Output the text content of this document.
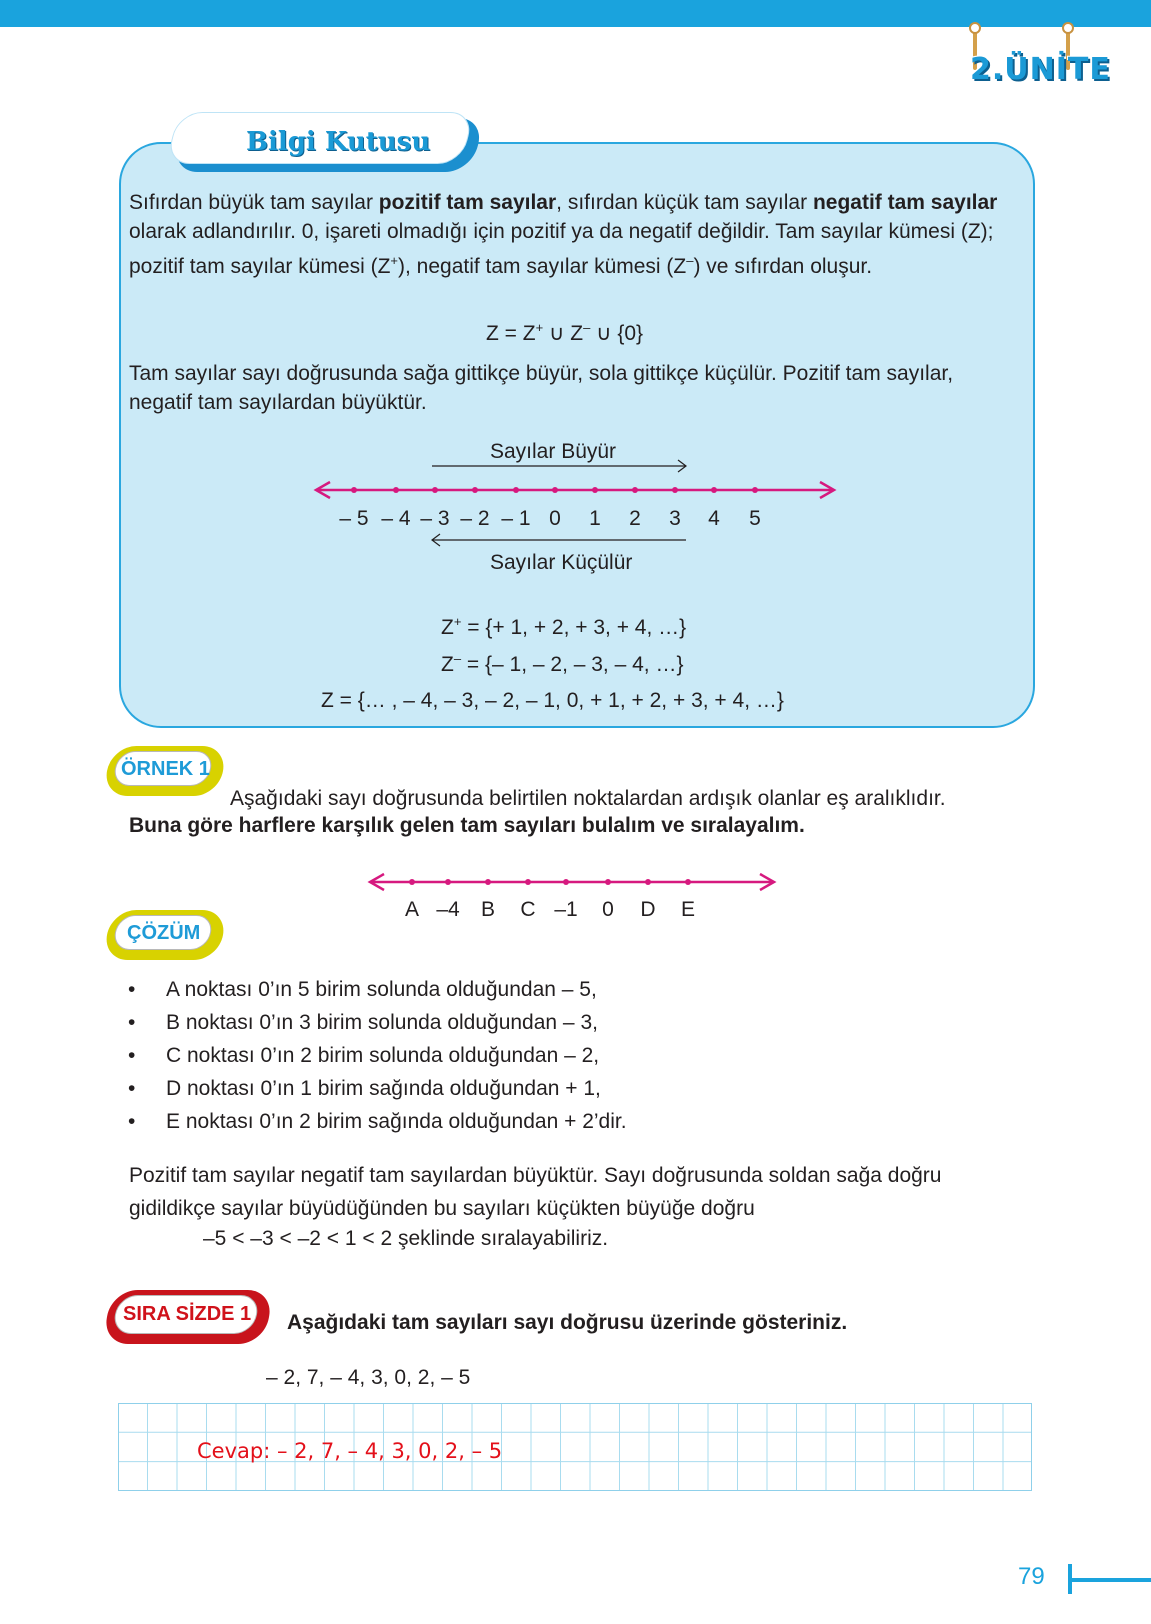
2.ÜNİTE
Bilgi Kutusu
Sıfırdan büyük tam sayılar pozitif tam sayılar, sıfırdan küçük tam sayılar negatif tam sayılar olarak adlandırılır. 0, işareti olmadığı için pozitif ya da negatif değildir. Tam sayılar kümesi (Z); pozitif tam sayılar kümesi (Z+), negatif tam sayılar kümesi (Z–) ve sıfırdan oluşur.
Z = Z+ ∪ Z– ∪ {0}
Tam sayılar sayı doğrusunda sağa gittikçe büyür, sola gittikçe küçülür. Pozitif tam sayılar, negatif tam sayılardan büyüktür.
Sayılar Büyür
– 5 – 4 – 3 – 2 – 1 0 1 2 3 4 5
Sayılar Küçülür
Z+ = {+ 1, + 2, + 3, + 4, …}
Z– = {– 1, – 2, – 3, – 4, …}
Z = {… , – 4, – 3, – 2, – 1, 0, + 1, + 2, + 3, + 4, …}
ÖRNEK 1
Aşağıdaki sayı doğrusunda belirtilen noktalardan ardışık olanlar eş aralıklıdır.
Buna göre harflere karşılık gelen tam sayıları bulalım ve sıralayalım.
A –4 B C –1 0 D E
ÇÖZÜM
• A noktası 0’ın 5 birim solunda olduğundan – 5,
• B noktası 0’ın 3 birim solunda olduğundan – 3,
• C noktası 0’ın 2 birim solunda olduğundan – 2,
• D noktası 0’ın 1 birim sağında olduğundan + 1,
• E noktası 0’ın 2 birim sağında olduğundan + 2’dir.
Pozitif tam sayılar negatif tam sayılardan büyüktür. Sayı doğrusunda soldan sağa doğru gidildikçe sayılar büyüdüğünden bu sayıları küçükten büyüğe doğru
–5 < –3 < –2 < 1 < 2 şeklinde sıralayabiliriz.
SIRA SİZDE 1 Aşağıdaki tam sayıları sayı doğrusu üzerinde gösteriniz.
– 2, 7, – 4, 3, 0, 2, – 5
Cevap: – 2, 7, – 4, 3, 0, 2, – 5
79
